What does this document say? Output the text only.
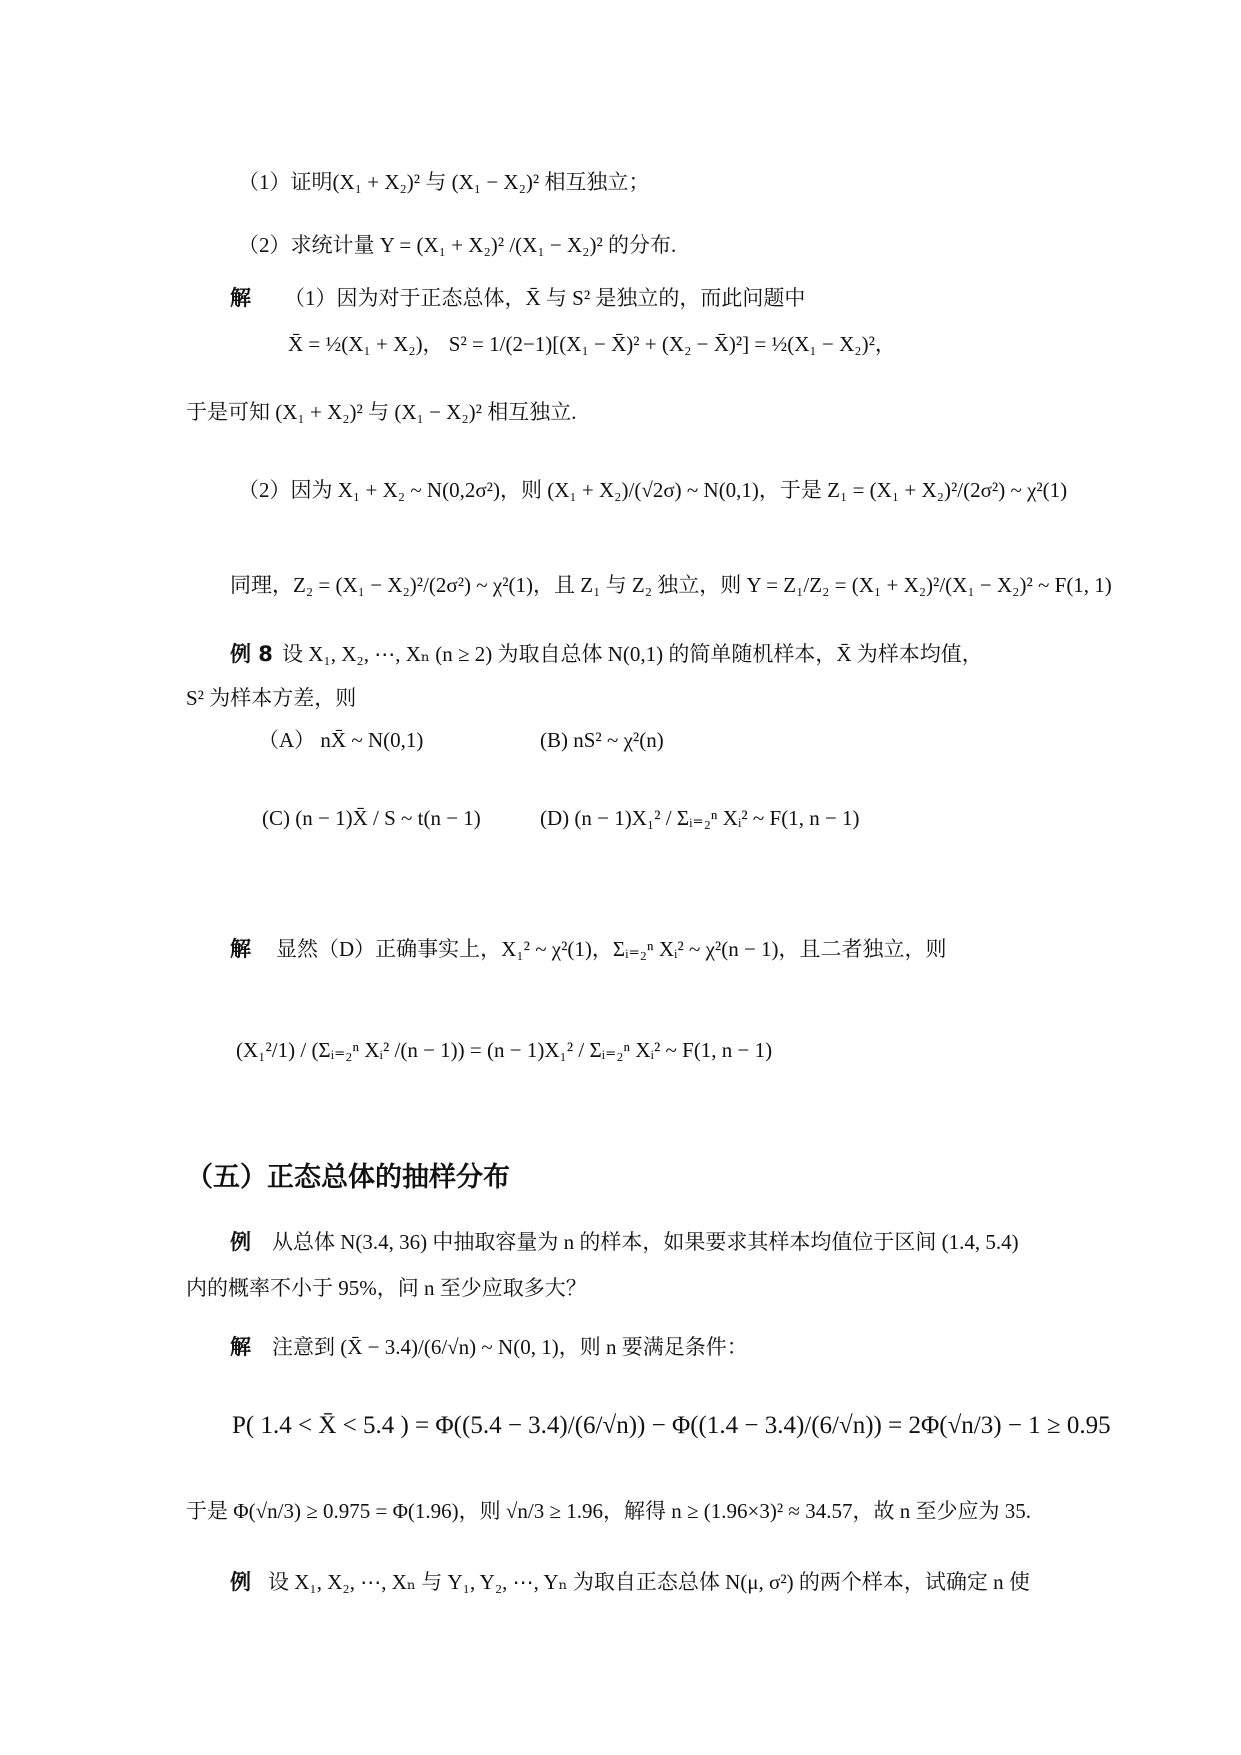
（1）证明(X₁ + X₂)² 与 (X₁ − X₂)² 相互独立；
（2）求统计量 Y = (X₁ + X₂)² /(X₁ − X₂)² 的分布.
解 （1）因为对于正态总体，X̄ 与 S² 是独立的，而此问题中
X̄ = ½(X₁ + X₂)， S² = 1/(2−1)[(X₁ − X̄)² + (X₂ − X̄)²] = ½(X₁ − X₂)²，
于是可知 (X₁ + X₂)² 与 (X₁ − X₂)² 相互独立.
（2）因为 X₁ + X₂ ~ N(0,2σ²)，则 (X₁ + X₂)/(√2σ) ~ N(0,1)，于是 Z₁ = (X₁ + X₂)²/(2σ²) ~ χ²(1)
同理，Z₂ = (X₁ − X₂)²/(2σ²) ~ χ²(1)，且 Z₁ 与 Z₂ 独立，则 Y = Z₁/Z₂ = (X₁ + X₂)²/(X₁ − X₂)² ~ F(1, 1)
例 8 设 X₁, X₂, ⋯, Xₙ (n ≥ 2) 为取自总体 N(0,1) 的简单随机样本，X̄ 为样本均值，
S² 为样本方差，则
（A） nX̄ ~ N(0,1)	(B) nS² ~ χ²(n)
(C) (n − 1)X̄ / S ~ t(n − 1)	(D) (n − 1)X₁² / Σᵢ₌₂ⁿ Xᵢ² ~ F(1, n − 1)
解 显然（D）正确事实上，X₁² ~ χ²(1)，Σᵢ₌₂ⁿ Xᵢ² ~ χ²(n − 1)，且二者独立，则
(X₁²/1) / (Σᵢ₌₂ⁿ Xᵢ² /(n − 1)) = (n − 1)X₁² / Σᵢ₌₂ⁿ Xᵢ² ~ F(1, n − 1)
（五）正态总体的抽样分布
例 从总体 N(3.4, 36) 中抽取容量为 n 的样本，如果要求其样本均值位于区间 (1.4, 5.4)
内的概率不小于 95%，问 n 至少应取多大？
解 注意到 (X̄ − 3.4)/(6/√n) ~ N(0, 1)，则 n 要满足条件：
P( 1.4 < X̄ < 5.4 ) = Φ((5.4 − 3.4)/(6/√n)) − Φ((1.4 − 3.4)/(6/√n)) = 2Φ(√n/3) − 1 ≥ 0.95
于是 Φ(√n/3) ≥ 0.975 = Φ(1.96)，则 √n/3 ≥ 1.96，解得 n ≥ (1.96×3)² ≈ 34.57，故 n 至少应为 35.
例 设 X₁, X₂, ⋯, Xₙ 与 Y₁, Y₂, ⋯, Yₙ 为取自正态总体 N(μ, σ²) 的两个样本，试确定 n 使
